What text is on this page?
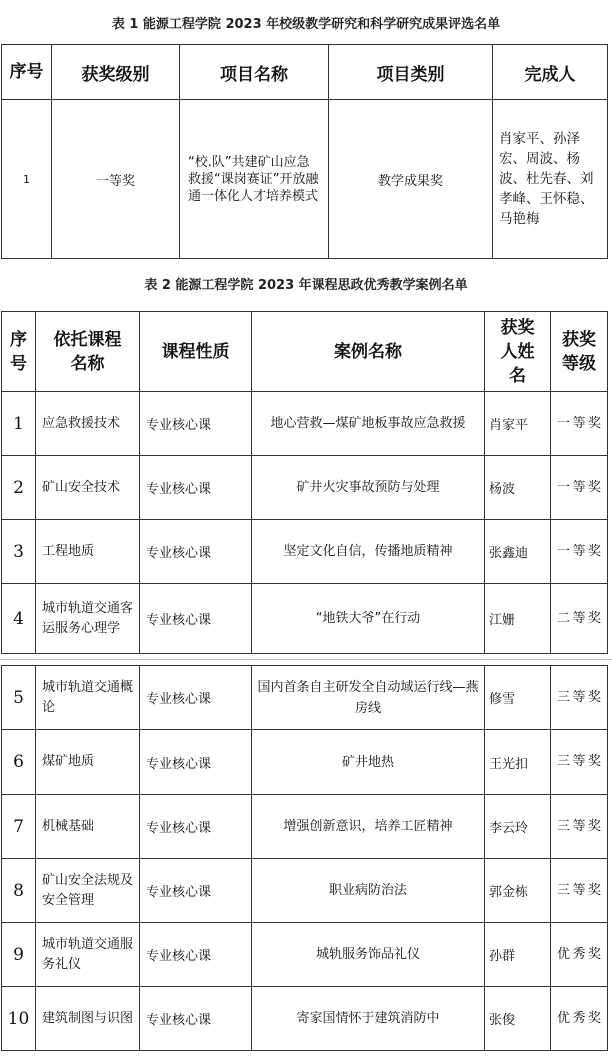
表 1 能源工程学院 2023 年校级教学研究和科学研究成果评选名单
序号	获奖级别	项目名称	项目类别	完成人
1	一等奖	“校.队”共建矿山应急救援“课岗赛证”开放融通一体化人才培养模式	教学成果奖	肖家平、孙泽宏、周波、杨波、杜先春、刘孝峰、王怀稳、马艳梅
表 2 能源工程学院 2023 年课程思政优秀教学案例名单
序号	依托课程名称	课程性质	案例名称	获奖人姓名	获奖等级
1	应急救援技术	专业核心课	地心营救—煤矿地板事故应急救援	肖家平	一等奖
2	矿山安全技术	专业核心课	矿井火灾事故预防与处理	杨波	一等奖
3	工程地质	专业核心课	坚定文化自信，传播地质精神	张鑫迪	一等奖
4	城市轨道交通客运服务心理学	专业核心课	“地铁大爷”在行动	江姗	二等奖
5	城市轨道交通概论	专业核心课	国内首条自主研发全自动域运行线—燕房线	修雪	三等奖
6	煤矿地质	专业核心课	矿井地热	王光扣	三等奖
7	机械基础	专业核心课	增强创新意识，培养工匠精神	李云玲	三等奖
8	矿山安全法规及安全管理	专业核心课	职业病防治法	郭金栋	三等奖
9	城市轨道交通服务礼仪	专业核心课	城轨服务饰品礼仪	孙群	优秀奖
10	建筑制图与识图	专业核心课	寄家国情怀于建筑消防中	张俊	优秀奖
